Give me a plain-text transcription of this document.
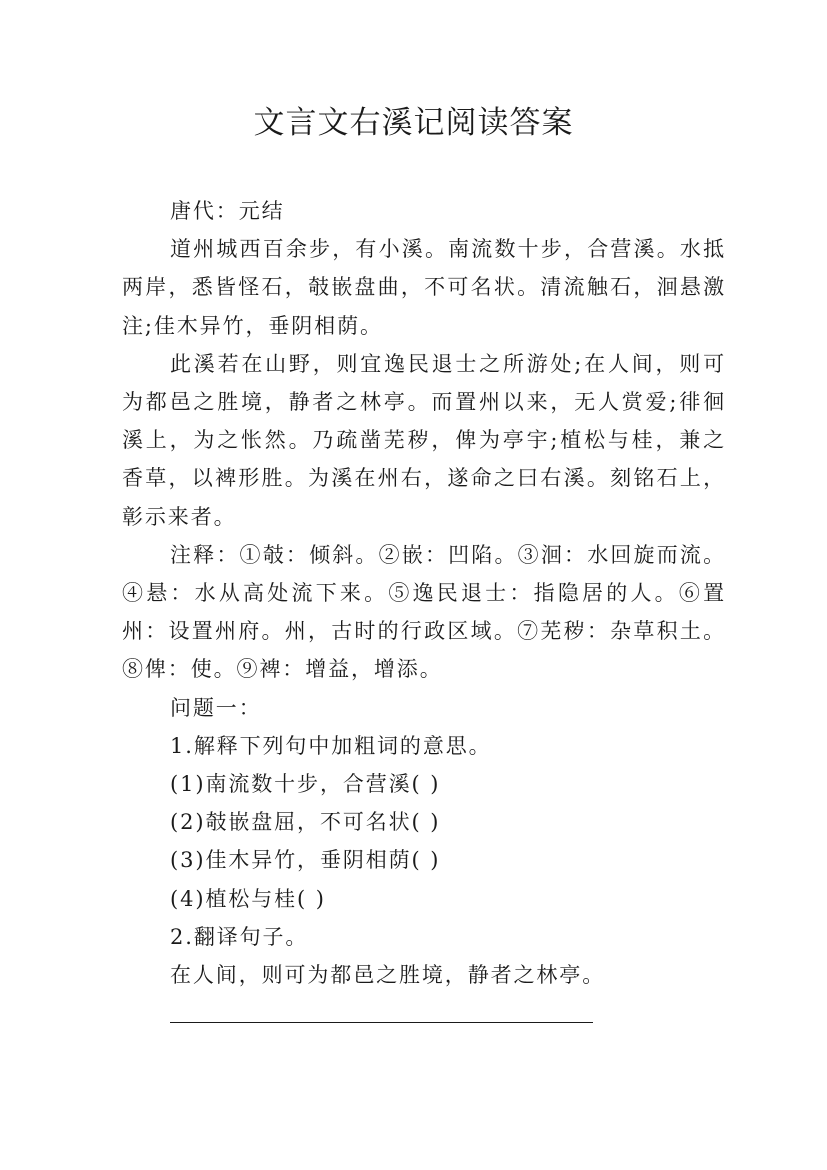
文言文右溪记阅读答案

唐代：元结

道州城西百余步，有小溪。南流数十步，合营溪。水抵两岸，悉皆怪石，攲嵌盘曲，不可名状。清流触石，洄悬激注;佳木异竹，垂阴相荫。

此溪若在山野，则宜逸民退士之所游处;在人间，则可为都邑之胜境，静者之林亭。而置州以来，无人赏爱;徘徊溪上，为之怅然。乃疏凿芜秽，俾为亭宇;植松与桂，兼之香草，以裨形胜。为溪在州右，遂命之曰右溪。刻铭石上，彰示来者。

注释：①攲：倾斜。②嵌：凹陷。③洄：水回旋而流。④悬：水从高处流下来。⑤逸民退士：指隐居的人。⑥置州：设置州府。州，古时的行政区域。⑦芜秽：杂草积土。⑧俾：使。⑨裨：增益，增添。

问题一：

1.解释下列句中加粗词的意思。

(1)南流数十步，合营溪( )

(2)攲嵌盘屈，不可名状( )

(3)佳木异竹，垂阴相荫( )

(4)植松与桂( )

2.翻译句子。

在人间，则可为都邑之胜境，静者之林亭。
